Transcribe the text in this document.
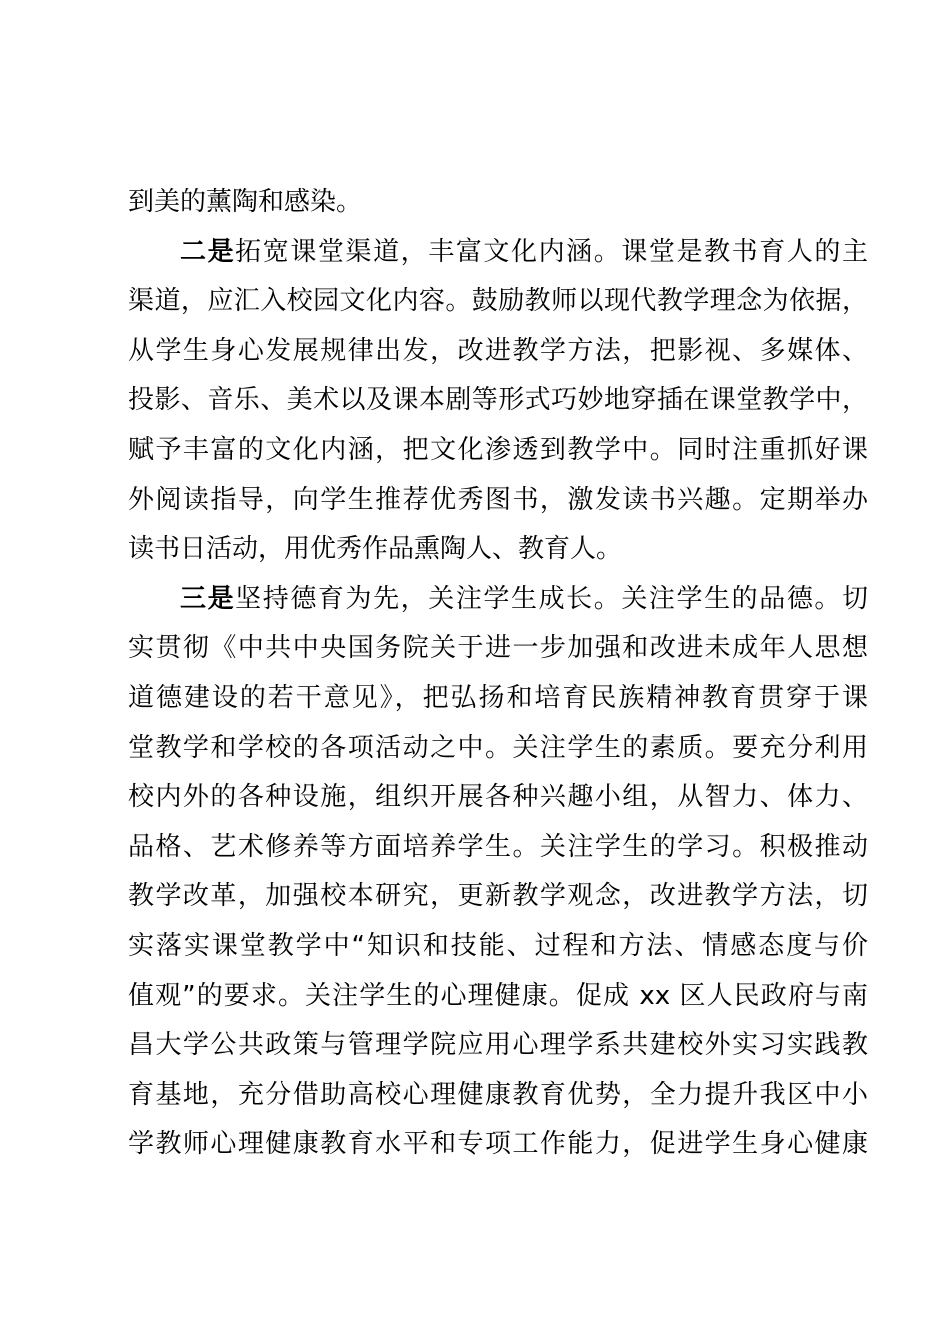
到美的薰陶和感染。
二是拓宽课堂渠道，丰富文化内涵。课堂是教书育人的主
渠道，应汇入校园文化内容。鼓励教师以现代教学理念为依据，
从学生身心发展规律出发，改进教学方法，把影视、多媒体、
投影、音乐、美术以及课本剧等形式巧妙地穿插在课堂教学中，
赋予丰富的文化内涵，把文化渗透到教学中。同时注重抓好课
外阅读指导，向学生推荐优秀图书，激发读书兴趣。定期举办
读书日活动，用优秀作品熏陶人、教育人。
三是坚持德育为先，关注学生成长。关注学生的品德。切
实贯彻《中共中央国务院关于进一步加强和改进未成年人思想
道德建设的若干意见》，把弘扬和培育民族精神教育贯穿于课
堂教学和学校的各项活动之中。关注学生的素质。要充分利用
校内外的各种设施，组织开展各种兴趣小组，从智力、体力、
品格、艺术修养等方面培养学生。关注学生的学习。积极推动
教学改革，加强校本研究，更新教学观念，改进教学方法，切
实落实课堂教学中“知识和技能、过程和方法、情感态度与价
值观”的要求。关注学生的心理健康。促成 xx 区人民政府与南
昌大学公共政策与管理学院应用心理学系共建校外实习实践教
育基地，充分借助高校心理健康教育优势，全力提升我区中小
学教师心理健康教育水平和专项工作能力，促进学生身心健康
